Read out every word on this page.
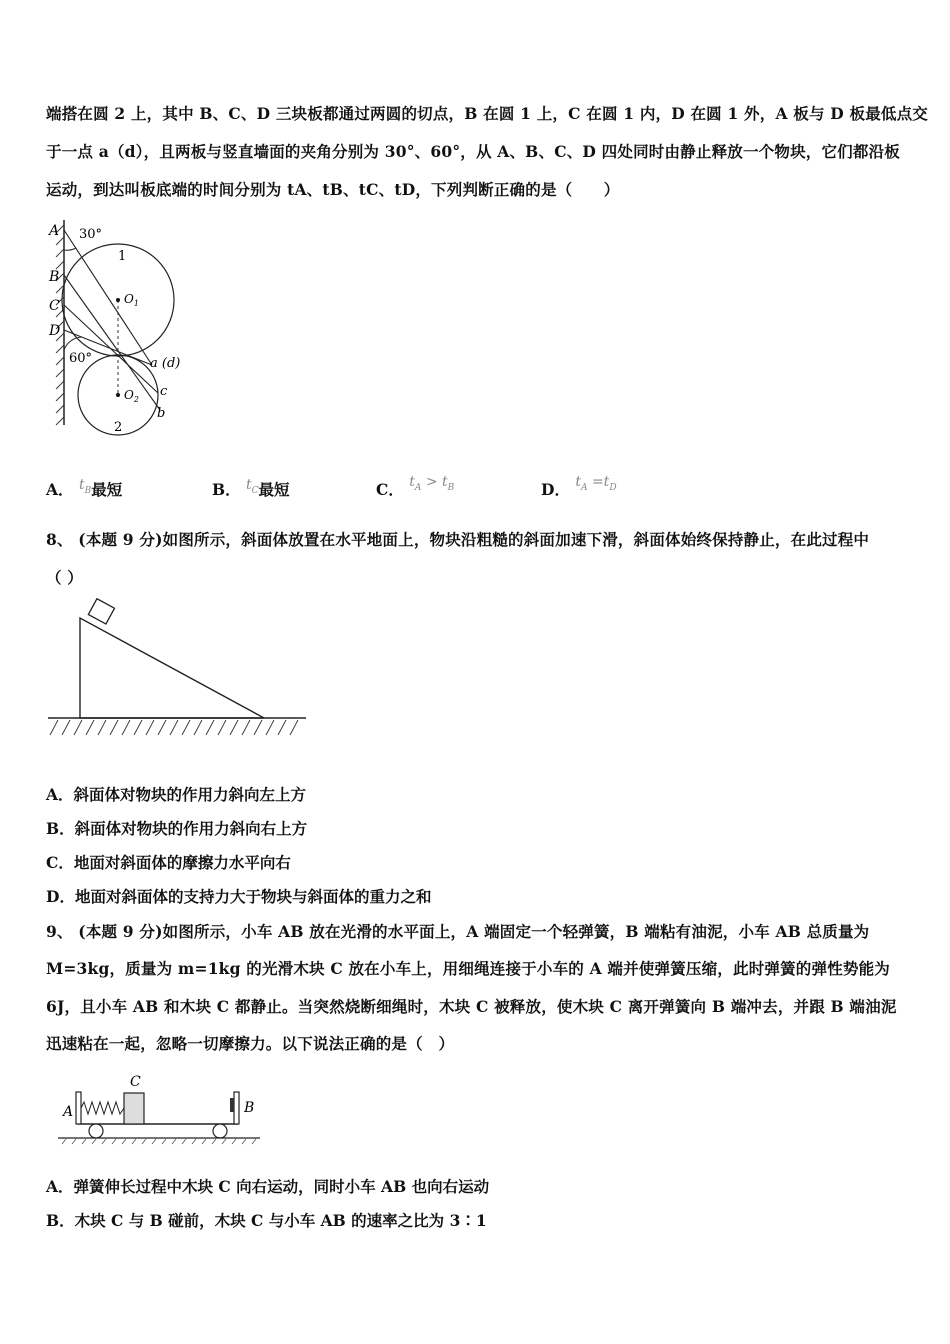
端搭在圆 2 上，其中 B、C、D 三块板都通过两圆的切点，B 在圆 1 上，C 在圆 1 内，D 在圆 1 外，A 板与 D 板最低点交
于一点 a（d），且两板与竖直墙面的夹角分别为 30°、60°，从 A、B、C、D 四处同时由静止释放一个物块，它们都沿板
运动，到达叫板底端的时间分别为 tA、tB、tC、tD，下列判断正确的是（　　）
A
B
C
D
30°
60°
1
2
$O_1$
$O_2$
a (d)
c
b
A． $t_B$最短	B． $t_C$最短	C． $t_A > t_B$	D． $t_A =t_D$
8、 (本题 9 分)如图所示，斜面体放置在水平地面上，物块沿粗糙的斜面加速下滑，斜面体始终保持静止，在此过程中
（ ）
A．斜面体对物块的作用力斜向左上方
B．斜面体对物块的作用力斜向右上方
C．地面对斜面体的摩擦力水平向右
D．地面对斜面体的支持力大于物块与斜面体的重力之和
9、 (本题 9 分)如图所示，小车 AB 放在光滑的水平面上，A 端固定一个轻弹簧，B 端粘有油泥，小车 AB 总质量为
M=3kg，质量为 m=1kg 的光滑木块 C 放在小车上，用细绳连接于小车的 A 端并使弹簧压缩，此时弹簧的弹性势能为
6J，且小车 AB 和木块 C 都静止。当突然烧断细绳时，木块 C 被释放，使木块 C 离开弹簧向 B 端冲去，并跟 B 端油泥
迅速粘在一起，忽略一切摩擦力。以下说法正确的是（　）
A	B
C
A．弹簧伸长过程中木块 C 向右运动，同时小车 AB 也向右运动
B．木块 C 与 B 碰前，木块 C 与小车 AB 的速率之比为 3∶1
